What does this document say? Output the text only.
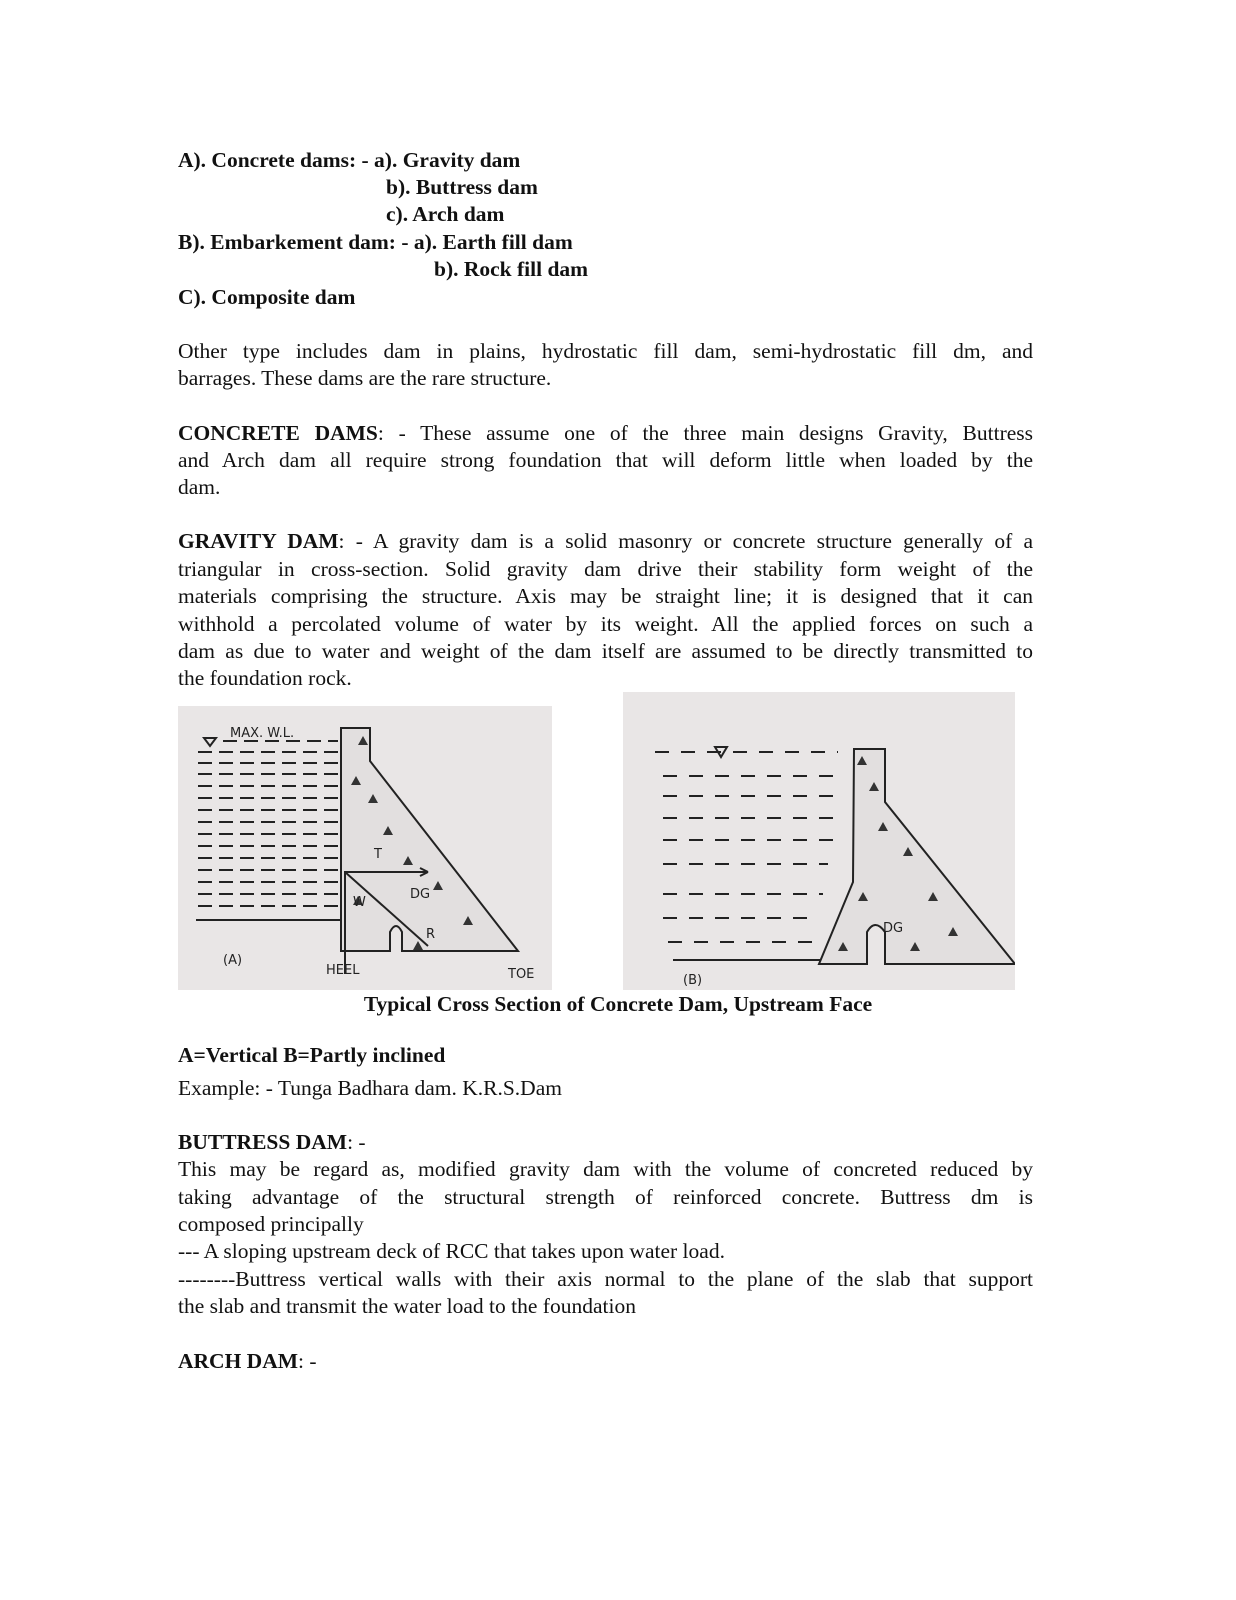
A). Concrete dams: - a). Gravity dam
b). Buttress dam
c). Arch dam
B). Embarkement dam: - a). Earth fill dam
b). Rock fill dam
C). Composite dam
Other type includes dam in plains, hydrostatic fill dam, semi-hydrostatic fill dm, and
barrages. These dams are the rare structure.
CONCRETE DAMS: - These assume one of the three main designs Gravity, Buttress
and Arch dam all require strong foundation that will deform little when loaded by the
dam.
GRAVITY DAM: - A gravity dam is a solid masonry or concrete structure generally of a
triangular in cross-section. Solid gravity dam drive their stability form weight of the
materials comprising the structure. Axis may be straight line; it is designed that it can
withhold a percolated volume of water by its weight. All the applied forces on such a
dam as due to water and weight of the dam itself are assumed to be directly transmitted to
the foundation rock.
MAX. W.L.
T
W
DG
R
(A)
HEEL	TOE
DG
(B)
Typical Cross Section of Concrete Dam, Upstream Face
A=Vertical B=Partly inclined
Example: - Tunga Badhara dam. K.R.S.Dam
BUTTRESS DAM: -
This may be regard as, modified gravity dam with the volume of concreted reduced by
taking advantage of the structural strength of reinforced concrete. Buttress dm is
composed principally
--- A sloping upstream deck of RCC that takes upon water load.
--------Buttress vertical walls with their axis normal to the plane of the slab that support
the slab and transmit the water load to the foundation
ARCH DAM: -
